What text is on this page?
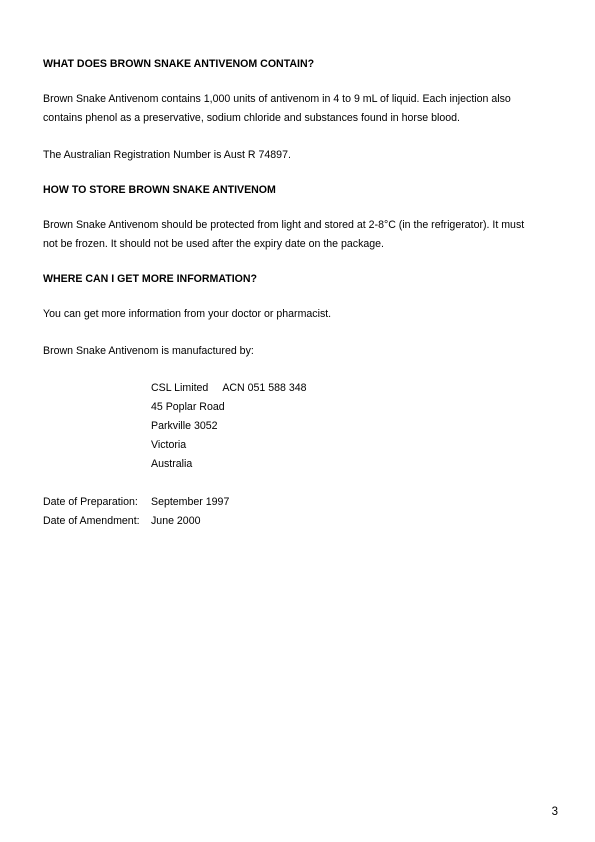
WHAT DOES BROWN SNAKE ANTIVENOM CONTAIN?

Brown Snake Antivenom contains 1,000 units of antivenom in 4 to 9 mL of liquid. Each injection also
contains phenol as a preservative, sodium chloride and substances found in horse blood.

The Australian Registration Number is Aust R 74897.

HOW TO STORE BROWN SNAKE ANTIVENOM

Brown Snake Antivenom should be protected from light and stored at 2-8°C (in the refrigerator). It must
not be frozen. It should not be used after the expiry date on the package.

WHERE CAN I GET MORE INFORMATION?

You can get more information from your doctor or pharmacist.

Brown Snake Antivenom is manufactured by:

CSL Limited ACN 051 588 348
45 Poplar Road
Parkville 3052
Victoria
Australia
Date of Preparation:	September 1997
Date of Amendment:	June 2000
3
